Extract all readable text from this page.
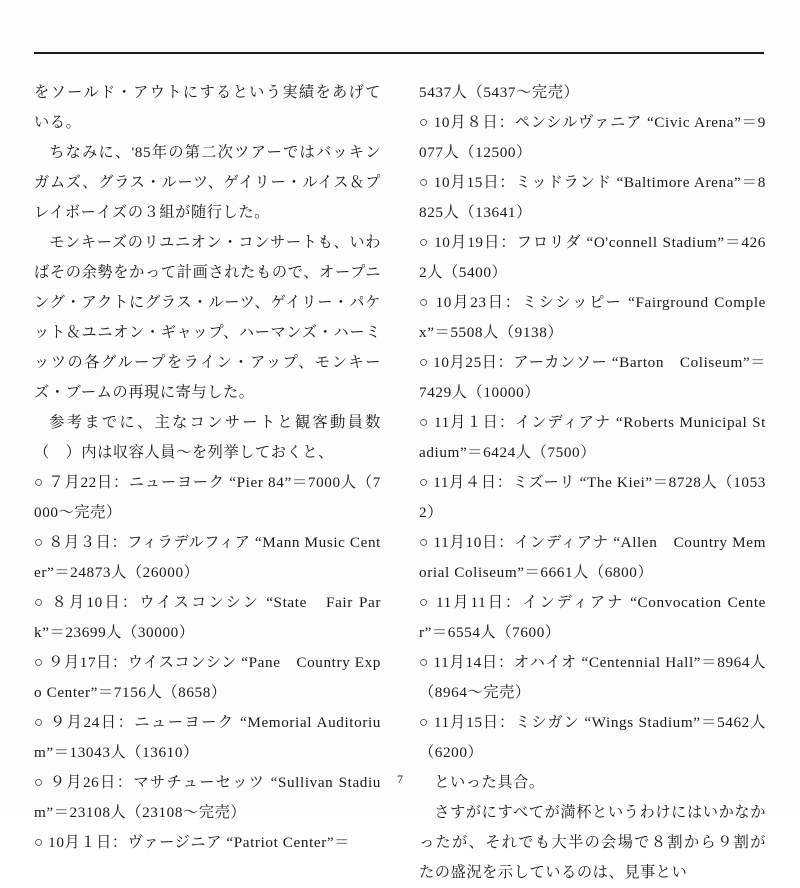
をソールド・アウトにするという実績をあげている。

ちなみに、'85年の第二次ツアーではバッキンガムズ、グラス・ルーツ、ゲイリー・ルイス＆プレイボーイズの３組が随行した。

モンキーズのリユニオン・コンサートも、いわばその余勢をかって計画されたもので、オープニング・アクトにグラス・ルーツ、ゲイリー・パケット＆ユニオン・ギャップ、ハーマンズ・ハーミッツの各グループをライン・アップ、モンキーズ・ブームの再現に寄与した。

参考までに、主なコンサートと観客動員数（　）内は収容人員～を列挙しておくと、

○ ７月22日：ニューヨーク “Pier 84”＝7000人（7000～完売）

○ ８月３日：フィラデルフィア “Mann Music Center”＝24873人（26000）

○ ８月10日：ウイスコンシン “State　Fair Park”＝23699人（30000）

○ ９月17日：ウイスコンシン “Pane　Country Expo Center”＝7156人（8658）

○ ９月24日：ニューヨーク “Memorial Auditorium”＝13043人（13610）

○ ９月26日：マサチューセッツ “Sullivan Stadium”＝23108人（23108～完売）

○ 10月１日：ヴァージニア “Patriot Center”＝

5437人（5437～完売）

○ 10月８日：ペンシルヴァニア “Civic Arena”＝9077人（12500）

○ 10月15日：ミッドランド “Baltimore Arena”＝8825人（13641）

○ 10月19日：フロリダ “O'connell Stadium”＝4262人（5400）

○ 10月23日：ミシシッピー “Fairground Complex”＝5508人（9138）

○ 10月25日：アーカンソー “Barton　Coliseum”＝7429人（10000）

○ 11月１日：インディアナ “Roberts Municipal Stadium”＝6424人（7500）

○ 11月４日：ミズーリ “The Kiei”＝8728人（10532）

○ 11月10日：インディアナ “Allen　Country Memorial Coliseum”＝6661人（6800）

○ 11月11日：インディアナ “Convocation Center”＝6554人（7600）

○ 11月14日：オハイオ “Centennial Hall”＝8964人（8964～完売）

○ 11月15日：ミシガン “Wings Stadium”＝5462人（6200）

といった具合。

さすがにすべてが満杯というわけにはいかなかったが、それでも大半の会場で８割から９割がたの盛況を示しているのは、見事とい

7
